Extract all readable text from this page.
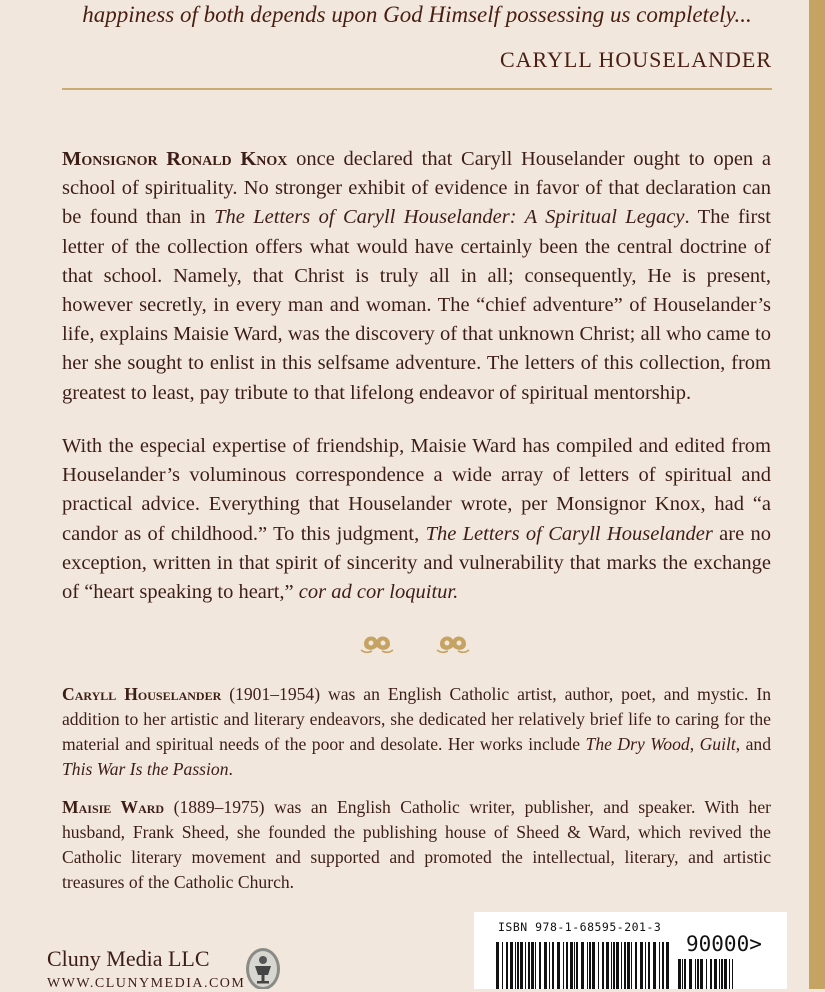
happiness of both depends upon God Himself possessing us completely...
CARYLL HOUSELANDER
Monsignor Ronald Knox once declared that Caryll Houselander ought to open a school of spirituality. No stronger exhibit of evidence in favor of that declaration can be found than in The Letters of Caryll Houselander: A Spiritual Legacy. The first letter of the collection offers what would have certainly been the central doctrine of that school. Namely, that Christ is truly all in all; consequently, He is present, however secretly, in every man and woman. The “chief adventure” of Houselander’s life, explains Maisie Ward, was the discovery of that unknown Christ; all who came to her she sought to enlist in this selfsame adventure. The letters of this collection, from greatest to least, pay tribute to that lifelong endeavor of spiritual mentorship.
With the especial expertise of friendship, Maisie Ward has compiled and edited from Houselander’s voluminous correspondence a wide array of letters of spiritual and practical advice. Everything that Houselander wrote, per Monsignor Knox, had “a candor as of childhood.” To this judgment, The Letters of Caryll Houselander are no exception, written in that spirit of sincerity and vulnerability that marks the exchange of “heart speaking to heart,” cor ad cor loquitur.
Caryll Houselander (1901–1954) was an English Catholic artist, author, poet, and mystic. In addition to her artistic and literary endeavors, she dedicated her relatively brief life to caring for the material and spiritual needs of the poor and desolate. Her works include The Dry Wood, Guilt, and This War Is the Passion.
Maisie Ward (1889–1975) was an English Catholic writer, publisher, and speaker. With her husband, Frank Sheed, she founded the publishing house of Sheed & Ward, which revived the Catholic literary movement and supported and promoted the intellectual, literary, and artistic treasures of the Catholic Church.
Cluny Media LLC
WWW.CLUNYMEDIA.COM
ISBN 978-1-68595-201-3
90000>
